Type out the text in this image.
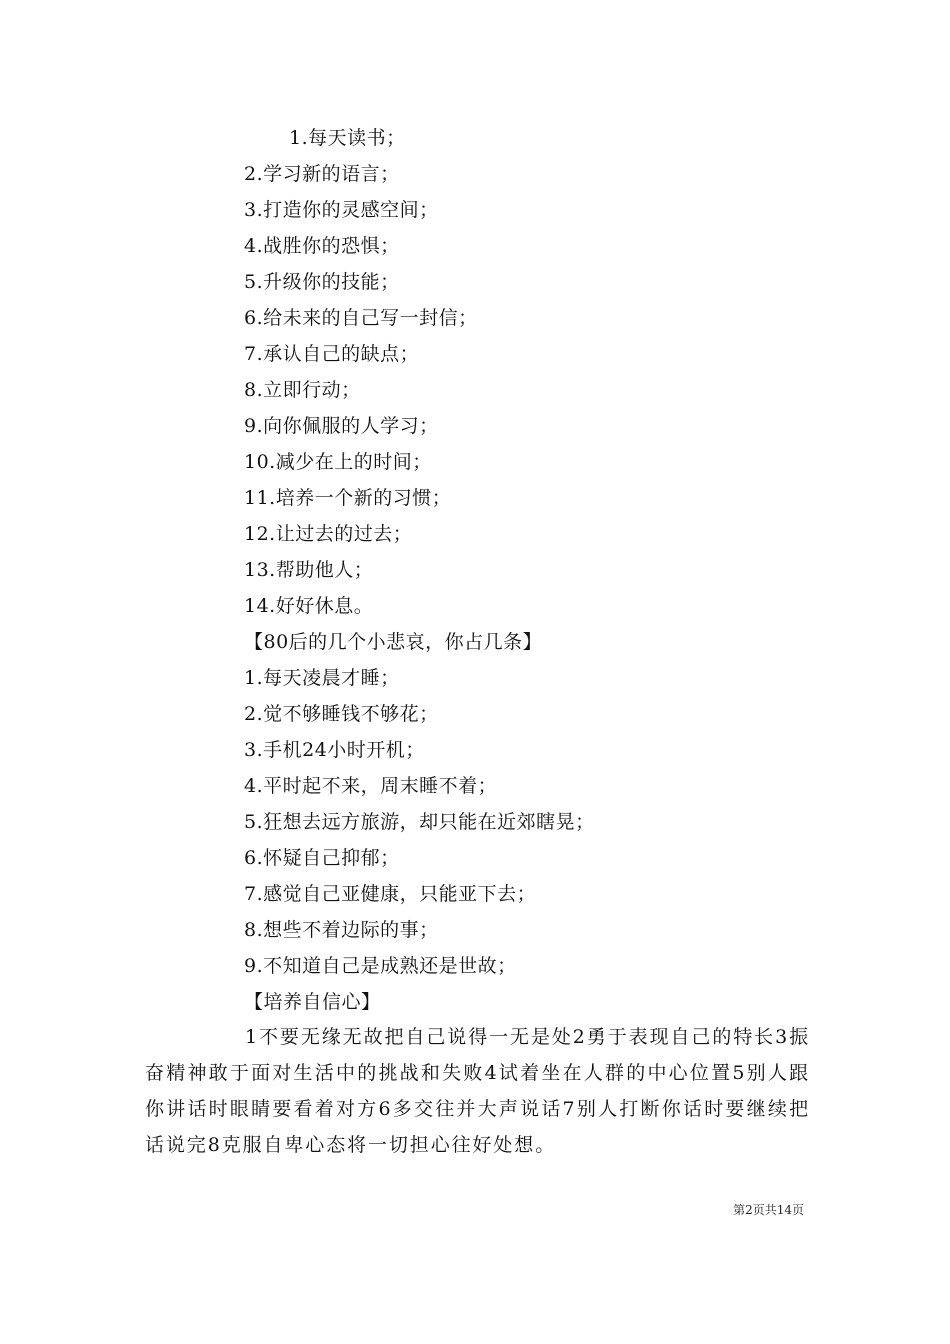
1.每天读书；
2.学习新的语言；
3.打造你的灵感空间；
4.战胜你的恐惧；
5.升级你的技能；
6.给未来的自己写一封信；
7.承认自己的缺点；
8.立即行动；
9.向你佩服的人学习；
10.减少在上的时间；
11.培养一个新的习惯；
12.让过去的过去；
13.帮助他人；
14.好好休息。
【80后的几个小悲哀，你占几条】
1.每天凌晨才睡；
2.觉不够睡钱不够花；
3.手机24小时开机；
4.平时起不来，周末睡不着；
5.狂想去远方旅游，却只能在近郊瞎晃；
6.怀疑自己抑郁；
7.感觉自己亚健康，只能亚下去；
8.想些不着边际的事；
9.不知道自己是成熟还是世故；
【培养自信心】

1不要无缘无故把自己说得一无是处2勇于表现自己的特长3振奋精神敢于面对生活中的挑战和失败4试着坐在人群的中心位置5别人跟你讲话时眼睛要看着对方6多交往并大声说话7别人打断你话时要继续把话说完8克服自卑心态将一切担心往好处想。

第2页共14页
